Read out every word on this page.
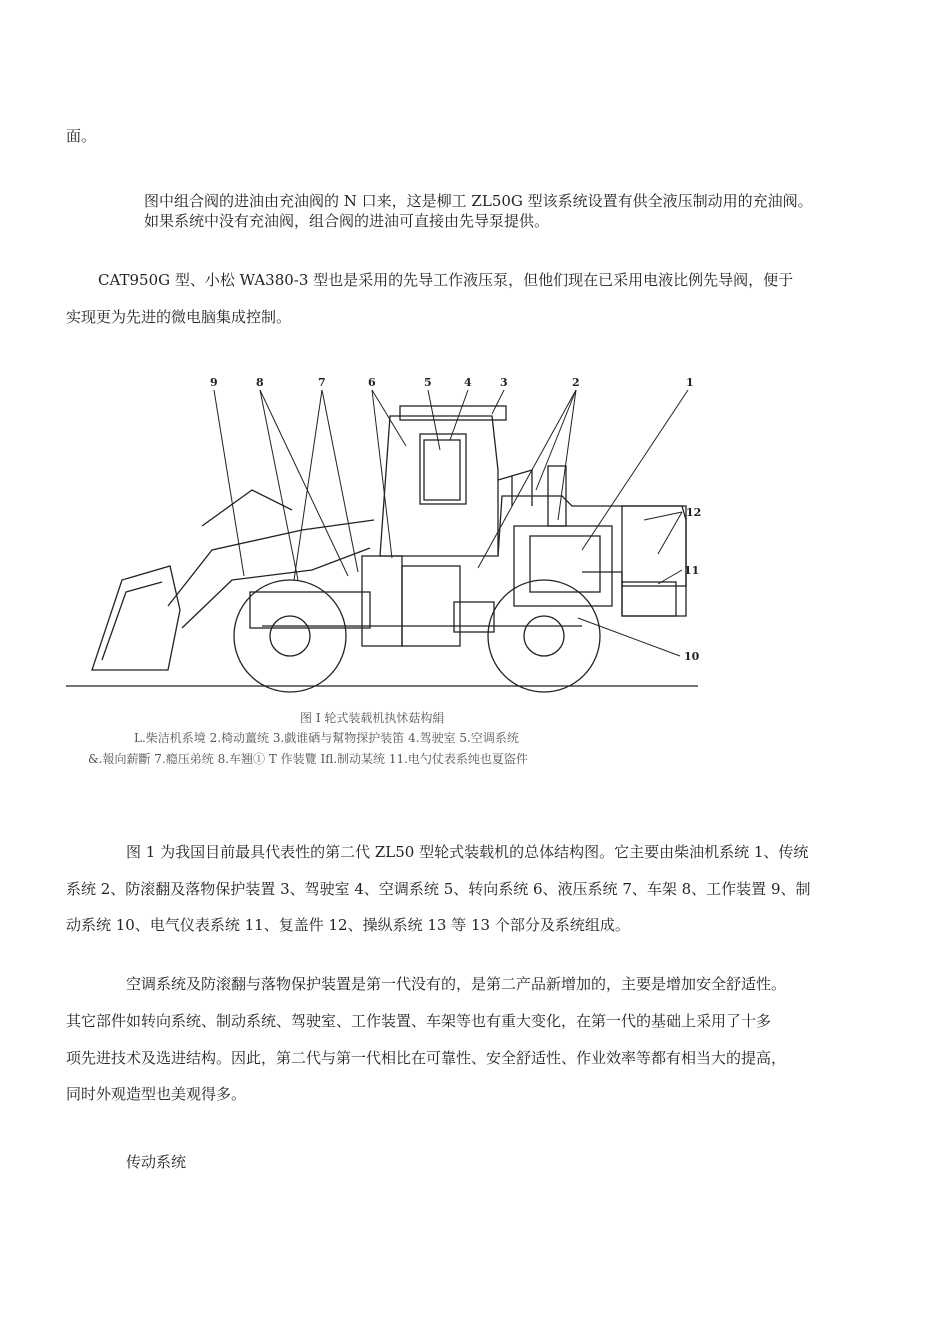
面。
图中组合阀的进油由充油阀的 N 口来，这是柳工 ZL50G 型该系统设置有供全液压制动用的充油阀。
如果系统中没有充油阀，组合阀的进油可直接由先导泵提供。
CAT950G 型、小松 WA380-3 型也是采用的先导工作液压泵，但他们现在已采用电液比例先导阀，便于
实现更为先进的微电脑集成控制。
9	8	7	6	5	4	3	2	1
12
11
10
图 I 轮式装载机执怵菇构絹
L.柴洁机系境 2.椅动薑统 3.戯谁硒与幫物探护装笛 4.驾驶室 5.空调系统
&.報向薪斷 7.瘾压弟统 8.车翘① T 作装覽 Ifl.制动某统 11.电勺仗表系纯也夏盜件
图 1 为我国目前最具代表性的第二代 ZL50 型轮式装载机的总体结构图。它主要由柴油机系统 1、传统
系统 2、防滚翻及落物保护装置 3、驾驶室 4、空调系统 5、转向系统 6、液压系统 7、车架 8、工作装置 9、制
动系统 10、电气仪表系统 11、复盖件 12、操纵系统 13 等 13 个部分及系统组成。
空调系统及防滚翻与落物保护装置是第一代没有的，是第二产品新增加的，主要是增加安全舒适性。
其它部件如转向系统、制动系统、驾驶室、工作装置、车架等也有重大变化，在第一代的基础上采用了十多
项先进技术及选进结构。因此，第二代与第一代相比在可靠性、安全舒适性、作业效率等都有相当大的提高，
同时外观造型也美观得多。
传动系统
